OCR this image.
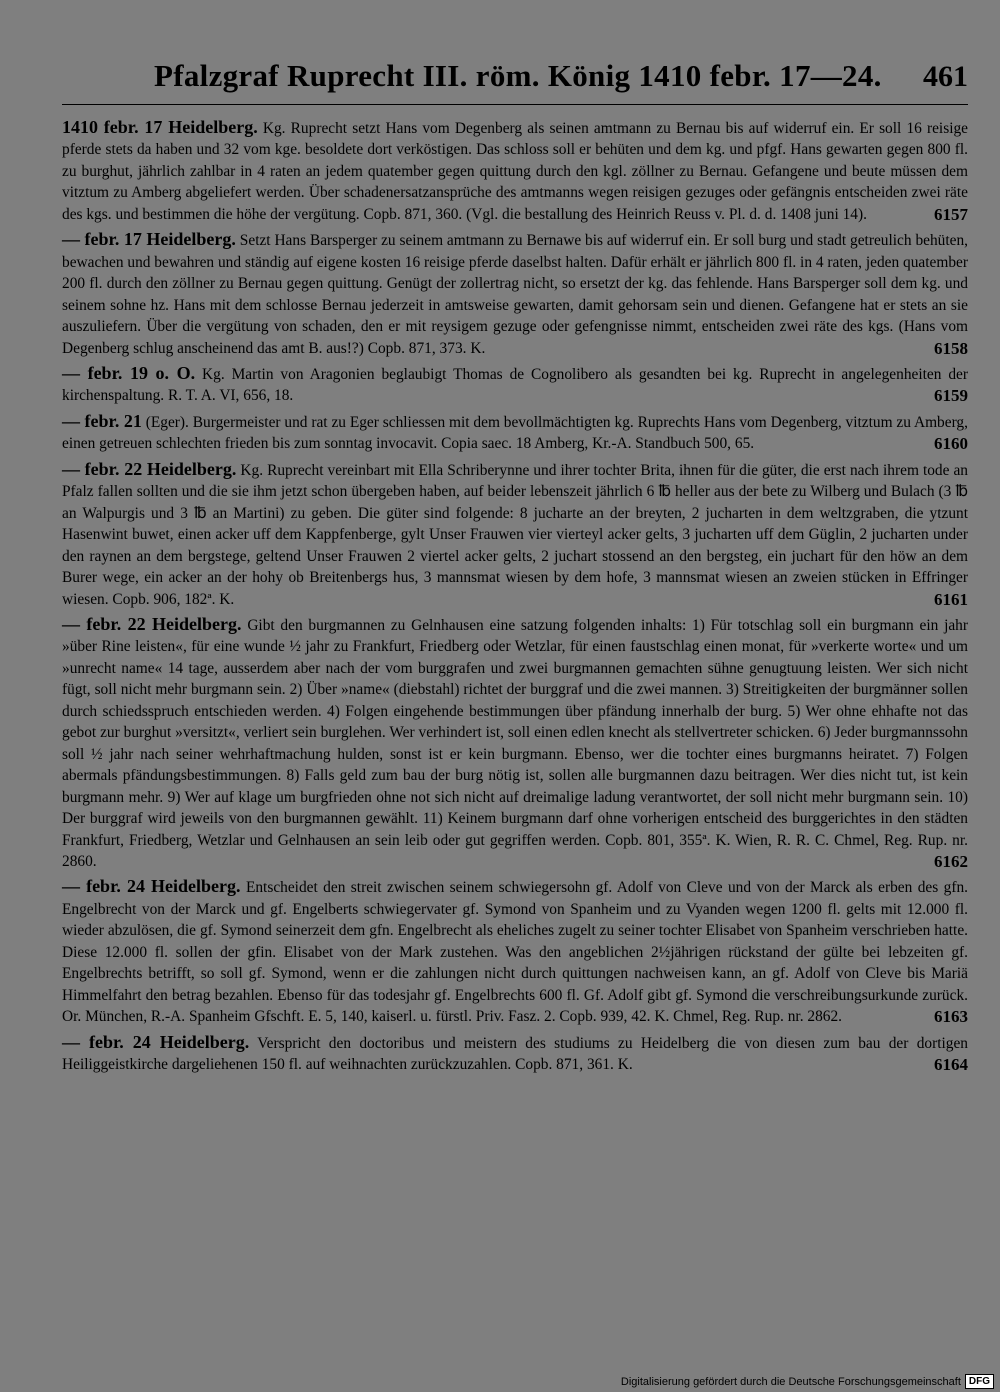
Pfalzgraf Ruprecht III. röm. König 1410 febr. 17—24. 461

1410 febr. 17 Heidelberg. Kg. Ruprecht setzt Hans vom Degenberg als seinen amtmann zu Bernau bis auf widerruf ein. Er soll 16 reisige pferde stets da haben und 32 vom kge. besoldete dort verköstigen. Das schloss soll er behüten und dem kg. und pfgf. Hans gewarten gegen 800 fl. zu burghut, jährlich zahlbar in 4 raten an jedem quatember gegen quittung durch den kgl. zöllner zu Bernau. Gefangene und beute müssen dem vitztum zu Amberg abgeliefert werden. Über schadenersatzansprüche des amtmanns wegen reisigen gezuges oder gefängnis entscheiden zwei räte des kgs. und bestimmen die höhe der vergütung. Copb. 871, 360. (Vgl. die bestallung des Heinrich Reuss v. Pl. d. d. 1408 juni 14).	6157

— febr. 17 Heidelberg. Setzt Hans Barsperger zu seinem amtmann zu Bernawe bis auf widerruf ein. Er soll burg und stadt getreulich behüten, bewachen und bewahren und ständig auf eigene kosten 16 reisige pferde daselbst halten. Dafür erhält er jährlich 800 fl. in 4 raten, jeden quatember 200 fl. durch den zöllner zu Bernau gegen quittung. Genügt der zollertrag nicht, so ersetzt der kg. das fehlende. Hans Barsperger soll dem kg. und seinem sohne hz. Hans mit dem schlosse Bernau jederzeit in amtsweise gewarten, damit gehorsam sein und dienen. Gefangene hat er stets an sie auszuliefern. Über die vergütung von schaden, den er mit reysigem gezuge oder gefengnisse nimmt, entscheiden zwei räte des kgs. (Hans vom Degenberg schlug anscheinend das amt B. aus!?) Copb. 871, 373. K.	6158

— febr. 19 o. O. Kg. Martin von Aragonien beglaubigt Thomas de Cognolibero als gesandten bei kg. Ruprecht in angelegenheiten der kirchenspaltung. R. T. A. VI, 656, 18.	6159

— febr. 21 (Eger). Burgermeister und rat zu Eger schliessen mit dem bevollmächtigten kg. Ruprechts Hans vom Degenberg, vitztum zu Amberg, einen getreuen schlechten frieden bis zum sonntag invocavit. Copia saec. 18 Amberg, Kr.-A. Standbuch 500, 65.	6160

— febr. 22 Heidelberg. Kg. Ruprecht vereinbart mit Ella Schriberynne und ihrer tochter Brita, ihnen für die güter, die erst nach ihrem tode an Pfalz fallen sollten und die sie ihm jetzt schon übergeben haben, auf beider lebenszeit jährlich 6 ℔ heller aus der bete zu Wilberg und Bulach (3 ℔ an Walpurgis und 3 ℔ an Martini) zu geben. Die güter sind folgende: 8 jucharte an der breyten, 2 jucharten in dem weltzgraben, die ytzunt Hasenwint buwet, einen acker uff dem Kappfenberge, gylt Unser Frauwen vier vierteyl acker gelts, 3 jucharten uff dem Güglin, 2 jucharten under den raynen an dem bergstege, geltend Unser Frauwen 2 viertel acker gelts, 2 juchart stossend an den bergsteg, ein juchart für den höw an dem Burer wege, ein acker an der hohy ob Breitenbergs hus, 3 mannsmat wiesen by dem hofe, 3 mannsmat wiesen an zweien stücken in Effringer wiesen. Copb. 906, 182ª. K.	6161

— febr. 22 Heidelberg. Gibt den burgmannen zu Gelnhausen eine satzung folgenden inhalts: 1) Für totschlag soll ein burgmann ein jahr »über Rine leisten«, für eine wunde ½ jahr zu Frankfurt, Friedberg oder Wetzlar, für einen faustschlag einen monat, für »verkerte worte« und um »unrecht name« 14 tage, ausserdem aber nach der vom burggrafen und zwei burgmannen gemachten sühne genugtuung leisten. Wer sich nicht fügt, soll nicht mehr burgmann sein. 2) Über »name« (diebstahl) richtet der burggraf und die zwei mannen. 3) Streitigkeiten der burgmänner sollen durch schiedsspruch entschieden werden. 4) Folgen eingehende bestimmungen über pfändung innerhalb der burg. 5) Wer ohne ehhafte not das gebot zur burghut »versitzt«, verliert sein burglehen. Wer verhindert ist, soll einen edlen knecht als stellvertreter schicken. 6) Jeder burgmannssohn soll ½ jahr nach seiner wehrhaftmachung hulden, sonst ist er kein burgmann. Ebenso, wer die tochter eines burgmanns heiratet. 7) Folgen abermals pfändungsbestimmungen. 8) Falls geld zum bau der burg nötig ist, sollen alle burgmannen dazu beitragen. Wer dies nicht tut, ist kein burgmann mehr. 9) Wer auf klage um burgfrieden ohne not sich nicht auf dreimalige ladung verantwortet, der soll nicht mehr burgmann sein. 10) Der burggraf wird jeweils von den burgmannen gewählt. 11) Keinem burgmann darf ohne vorherigen entscheid des burggerichtes in den städten Frankfurt, Friedberg, Wetzlar und Gelnhausen an sein leib oder gut gegriffen werden. Copb. 801, 355ª. K. Wien, R. R. C. Chmel, Reg. Rup. nr. 2860.	6162

— febr. 24 Heidelberg. Entscheidet den streit zwischen seinem schwiegersohn gf. Adolf von Cleve und von der Marck als erben des gfn. Engelbrecht von der Marck und gf. Engelberts schwiegervater gf. Symond von Spanheim und zu Vyanden wegen 1200 fl. gelts mit 12.000 fl. wieder abzulösen, die gf. Symond seinerzeit dem gfn. Engelbrecht als eheliches zugelt zu seiner tochter Elisabet von Spanheim verschrieben hatte. Diese 12.000 fl. sollen der gfin. Elisabet von der Mark zustehen. Was den angeblichen 2½jährigen rückstand der gülte bei lebzeiten gf. Engelbrechts betrifft, so soll gf. Symond, wenn er die zahlungen nicht durch quittungen nachweisen kann, an gf. Adolf von Cleve bis Mariä Himmelfahrt den betrag bezahlen. Ebenso für das todesjahr gf. Engelbrechts 600 fl. Gf. Adolf gibt gf. Symond die verschreibungsurkunde zurück. Or. München, R.-A. Spanheim Gfschft. E. 5, 140, kaiserl. u. fürstl. Priv. Fasz. 2. Copb. 939, 42. K. Chmel, Reg. Rup. nr. 2862.	6163

— febr. 24 Heidelberg. Verspricht den doctoribus und meistern des studiums zu Heidelberg die von diesen zum bau der dortigen Heiliggeistkirche dargeliehenen 150 fl. auf weihnachten zurückzuzahlen. Copb. 871, 361. K.	6164

Digitalisierung gefördert durch die Deutsche Forschungsgemeinschaft DFG
